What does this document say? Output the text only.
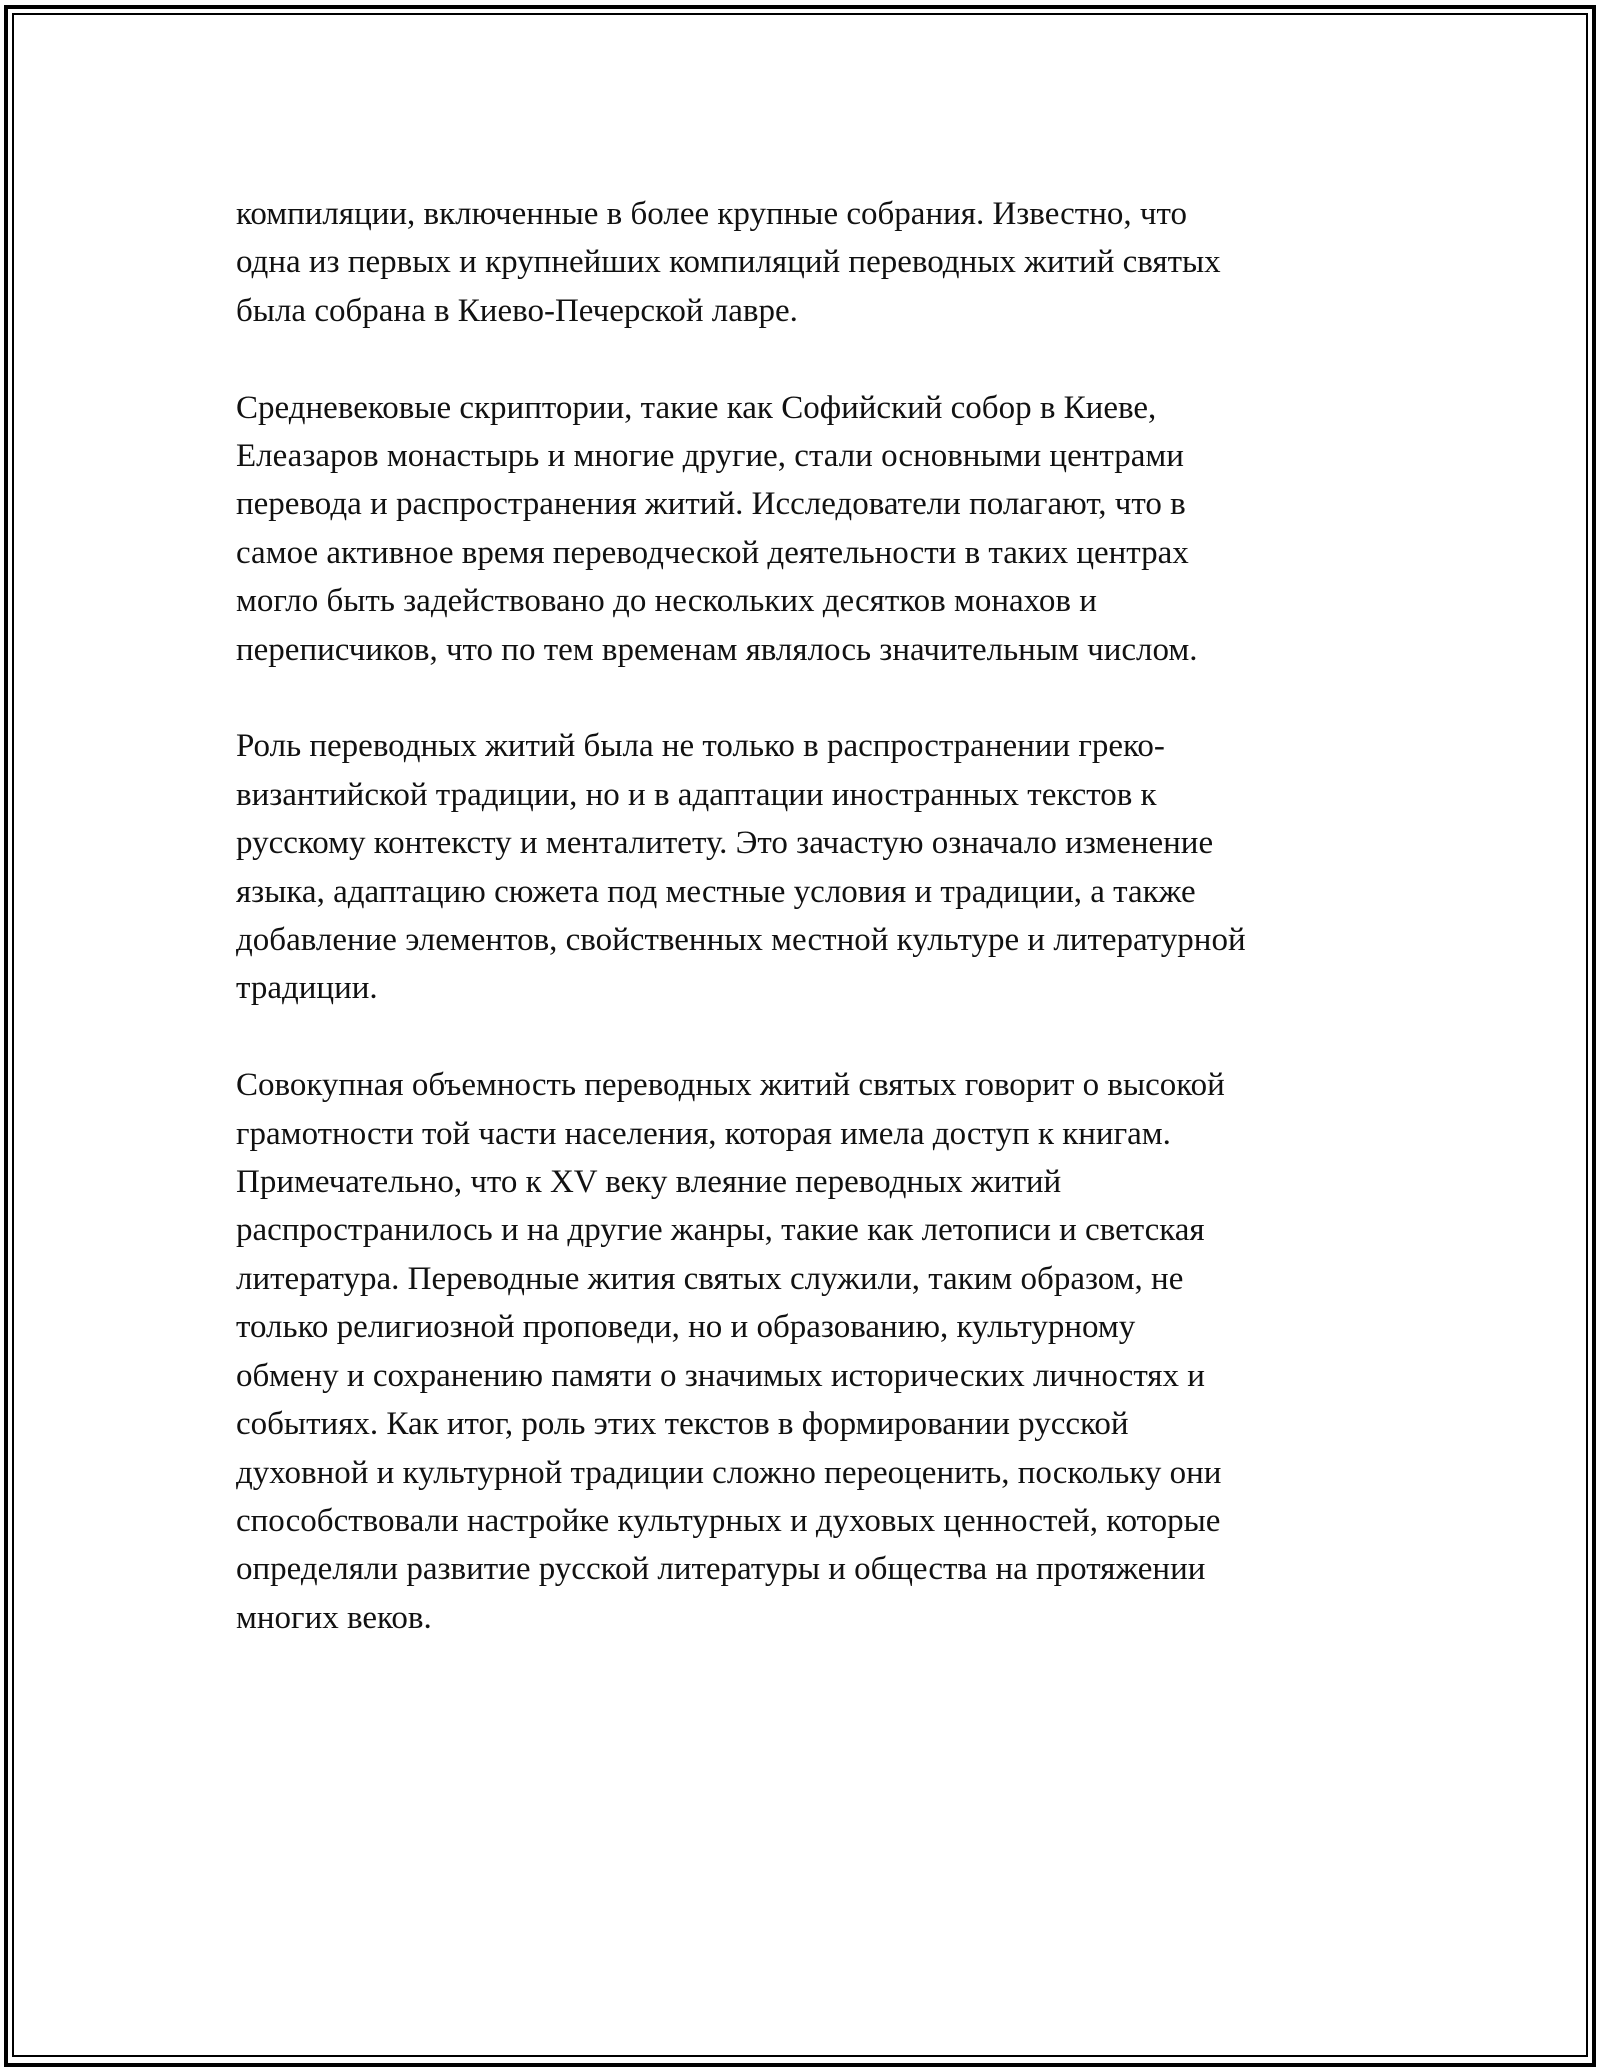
компиляции, включенные в более крупные собрания. Известно, что
одна из первых и крупнейших компиляций переводных житий святых
была собрана в Киево-Печерской лавре.

Средневековые скриптории, такие как Софийский собор в Киеве,
Елеазаров монастырь и многие другие, стали основными центрами
перевода и распространения житий. Исследователи полагают, что в
самое активное время переводческой деятельности в таких центрах
могло быть задействовано до нескольких десятков монахов и
переписчиков, что по тем временам являлось значительным числом.

Роль переводных житий была не только в распространении греко-
византийской традиции, но и в адаптации иностранных текстов к
русскому контексту и менталитету. Это зачастую означало изменение
языка, адаптацию сюжета под местные условия и традиции, а также
добавление элементов, свойственных местной культуре и литературной
традиции.

Совокупная объемность переводных житий святых говорит о высокой
грамотности той части населения, которая имела доступ к книгам.
Примечательно, что к XV веку влеяние переводных житий
распространилось и на другие жанры, такие как летописи и светская
литература. Переводные жития святых служили, таким образом, не
только религиозной проповеди, но и образованию, культурному
обмену и сохранению памяти о значимых исторических личностях и
событиях. Как итог, роль этих текстов в формировании русской
духовной и культурной традиции сложно переоценить, поскольку они
способствовали настройке культурных и духовых ценностей, которые
определяли развитие русской литературы и общества на протяжении
многих веков.
